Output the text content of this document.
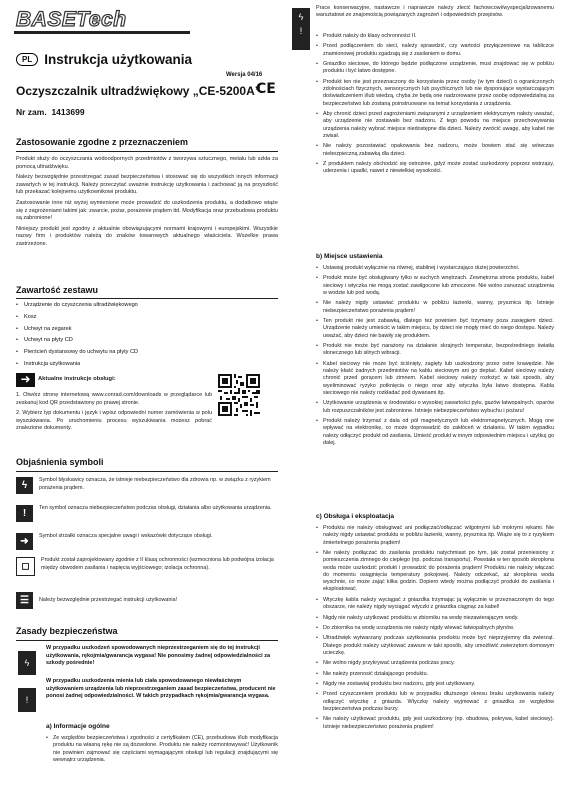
BASETech
PL Instrukcja użytkowania
Wersja 04/16
Oczyszczalnik ultradźwiękowy „CE-5200A”
CE
Nr zam. 1413699
Zastosowanie zgodne z przeznaczeniem

Produkt służy do oczyszczania wodoodpornych przedmiotów z tworzywa sztucznego, metalu lub szkła za pomocą ultradźwięku.

Należy bezwzględnie przestrzegać zasad bezpieczeństwa i stosować się do wszystkich innych informacji zawartych w tej instrukcji. Należy przeczytać uważnie instrukcję użytkowania i zachować ją na przyszłość lub przekazać kolejnemu użytkownikowi produktu.

Zastosowanie inne niż wyżej wymienione może prowadzić do uszkodzenia produktu, a dodatkowo wiąże się z zagrożeniami takimi jak: zwarcie, pożar, porażenie prądem itd. Modyfikacja oraz przebudowa produktu są zabronione!

Niniejszy produkt jest zgodny z aktualnie obowiązującymi normami krajowymi i europejskimi. Wszystkie nazwy firm i produktów należą do znaków towarowych aktualnego właściciela. Wszelkie prawa zastrzeżone.

Zawartość zestawu
• Urządzenie do czyszczenia ultradźwiękowego
• Kosz
• Uchwyt na zegarek
• Uchwyt na płyty CD
• Pierścień dystansowy do uchwytu na płyty CD
• Instrukcja użytkowania
➜	Aktualne instrukcje obsługi:

1. Otwórz stronę internetową www.conrad.com/downloads w przeglądarce lub zeskanuj kod QR przedstawiony po prawej stronie.

2. Wybierz typ dokumentu i język i wpisz odpowiedni numer zamówienia w polu wyszukiwania. Po uruchomieniu procesu wyszukiwania możesz pobrać znalezione dokumenty.

Objaśnienia symboli
ϟ	Symbol błyskawicy oznacza, że istnieje niebezpieczeństwo dla zdrowia np. w związku z ryzykiem porażenia prądem.
!	Ten symbol oznacza niebezpieczeństwo podczas obsługi, działania albo użytkowania urządzenia.
➜	Symbol strzałki oznacza specjalne uwagi i wskazówki dotyczące obsługi.
◻
Produkt został zaprojektowany zgodnie z II klasą ochronności (wzmocniona lub podwójna izolacja między obwodem zasilania i napięcia wyjściowego; izolacja ochronna).
☰	Należy bezwzględnie przestrzegać instrukcji użytkowania!
Zasady bezpieczeństwa
ϟ
!
W przypadku uszkodzeń spowodowanych nieprzestrzeganiem się do tej instrukcji użytkowania, rękojmia/gwarancja wygasa! Nie ponosimy żadnej odpowiedzialności za szkody pośrednie!
W przypadku uszkodzenia mienia lub ciała spowodowanego niewłaściwym użytkowaniem urządzenia lub nieprzestrzeganiem zasad bezpieczeństwa, producent nie ponosi żadnej odpowiedzialności. W takich przypadkach rękojmia/gwarancja wygasa.
a) Informacje ogólne
• Ze względów bezpieczeństwa i zgodności z certyfikatem (CE), przebudowa i/lub modyfikacja produktu na własną rękę nie są dozwolone. Produktu nie należy rozmontowywać! Użytkownik nie powinien zajmować się częściami wymagającymi obsługi lub regulacji znajdującymi się wewnątrz urządzenia.
ϟ
!
Prace konserwacyjne, nastawcze i naprawcze należy zlecić fachowcowi/wyspecjalizowanemu warsztatowi ze znajomością powiązanych zagrożeń i odpowiednich przepisów.
• Produkt należy do klasy ochronności II.
• Przed podłączeniem do sieci, należy sprawdzić, czy wartości przyłączeniowe na tabliczce znamionowej produktu zgadzają się z zasilaniem w domu.
• Gniazdko sieciowe, do którego będzie podłączone urządzenie, musi znajdować się w pobliżu produktu i być łatwo dostępne.
• Produkt ten nie jest przeznaczony do korzystania przez osoby (w tym dzieci) o ograniczonych zdolnościach fizycznych, sensorycznych lub psychicznych lub nie dysponujące wystarczającym doświadczeniem i/lub wiedzą, chyba że będą one nadzorowane przez osobę odpowiedzialną za bezpieczeństwo lub zostaną poinstruowane na temat korzystania z urządzenia.
• Aby chronić dzieci przed zagrożeniami związanymi z urządzeniem elektrycznym należy uważać, aby urządzenie nie zostawało bez nadzoru. Z tego powodu na miejsce przechowywania urządzenia należy wybrać miejsce niedostępne dla dzieci. Należy zwrócić uwagę, aby kabel nie zwisał.
• Nie należy pozostawiać opakowania bez nadzoru, może bowiem stać się wówczas niebezpieczną zabawką dla dzieci.
• Z produktem należy obchodzić się ostrożnie, gdyż może zostać uszkodzony poprzez wstrząsy, uderzenia i upadki, nawet z niewielkiej wysokości.
b) Miejsce ustawienia
• Ustawiaj produkt wyłącznie na równej, stabilnej i wystarczająco dużej powierzchni.
• Produkt może być obsługiwany tylko w suchych wnętrzach. Zewnętrzna strona produktu, kabel sieciowy i wtyczka nie mogą zostać zawilgocone lub zmoczone. Nie wolno zanurzać urządzenia w wodzie lub pod wodą.
• Nie należy nigdy ustawiać produktu w pobliżu łazienki, wanny, prysznica itp. Istnieje niebezpieczeństwo porażenia prądem!
• Ten produkt nie jest zabawką, dlatego też powinien być trzymany poza zasięgiem dzieci. Urządzenie należy umieścić w takim miejscu, by dzieci nie mogły mieć do niego dostępu. Należy uważać, aby dzieci nie bawiły się produktem.
• Produkt nie może być narażony na działanie skrajnych temperatur, bezpośredniego światła słonecznego lub silnych wibracji.
• Kabel sieciowy nie może być ściśnięty, zagięty lub uszkodzony przez ostre krawędzie. Nie należy kłaść żadnych przedmiotów na kablu sieciowym ani go deptać. Kabel sieciowy należy chronić przed gorącem lub zimnem. Kabel sieciowy należy rozłożyć w taki sposób, aby wyeliminować ryzyko potknięcia o niego oraz aby wtyczka była łatwo dostępna. Kabla sieciowego nie należy rozkładać pod dywanami itp.
• Użytkowanie urządzenia w środowisku o wysokiej zawartości pyłu, gazów łatwopalnych, oparów lub rozpuszczalników jest zabronione. Istnieje niebezpieczeństwo wybuchu i pożaru!
• Produkt należy trzymać z dala od pól magnetycznych lub elektromagnetycznych. Mogą one wpływać na elektronikę, co może doprowadzić do zakłóceń w działaniu. W takim wypadku należy odłączyć produkt od zasilania. Umieść produkt w innym odpowiednim miejscu i użytkuj go dalej.
c) Obsługa i eksploatacja
• Produktu nie należy obsługiwać ani podłączać/odłączać wilgotnymi lub mokrymi rękami. Nie należy nigdy ustawiać produktu w pobliżu łazienki, wanny, prysznica itp. Wiąże się to z ryzykiem śmiertelnego porażenia prądem!
• Nie należy podłączać do zasilania produktu natychmiast po tym, jak został przeniesiony z pomieszczenia zimnego do ciepłego (np. podczas transportu). Powstała w ten sposób skroplona woda może uszkodzić produkt i prowadzić do porażenia prądem! Produktu nie należy włączać do momentu osiągnięcia temperatury pokojowej. Należy odczekać, aż skroplona woda wyschnie, co może zająć kilka godzin. Dopiero wtedy można podłączyć produkt do zasilania i eksploatować.
• Wtyczkę kabla należy wyciągać z gniazdka trzymając ją wyłącznie w przeznaczonym do tego obszarze, nie należy nigdy wyciągać wtyczki z gniazdka ciągnąc za kabel!
• Nigdy nie należy użytkować produktu w zbiorniku na wodę niezawierającym wody.
• Do zbiornika na wodę urządzenia nie należy nigdy wlewać łatwopalnych płynów.
• Ultradźwięk wytwarzany podczas użytkowania produktu może być nieprzyjemny dla zwierząt. Dlatego produkt należy użytkować zawsze w taki sposób, aby umożliwić zwierzętom domowym ucieczkę.
• Nie wolno nigdy przykrywać urządzenia podczas pracy.
• Nie należy przenosić działającego produktu.
• Nigdy nie zostawiaj produktu bez nadzoru, gdy jest użytkowany.
• Przed czyszczeniem produktu lub w przypadku dłuższego okresu braku użytkowania należy odłączyć wtyczkę z gniazda. Wtyczkę należy wyjmować z gniazdka ze względów bezpieczeństwa podczas burzy.
• Nie należy użytkować produktu, gdy jest uszkodzony (np. obudowa, pokrywa, kabel sieciowy). Istnieje niebezpieczeństwo porażenia prądem!
